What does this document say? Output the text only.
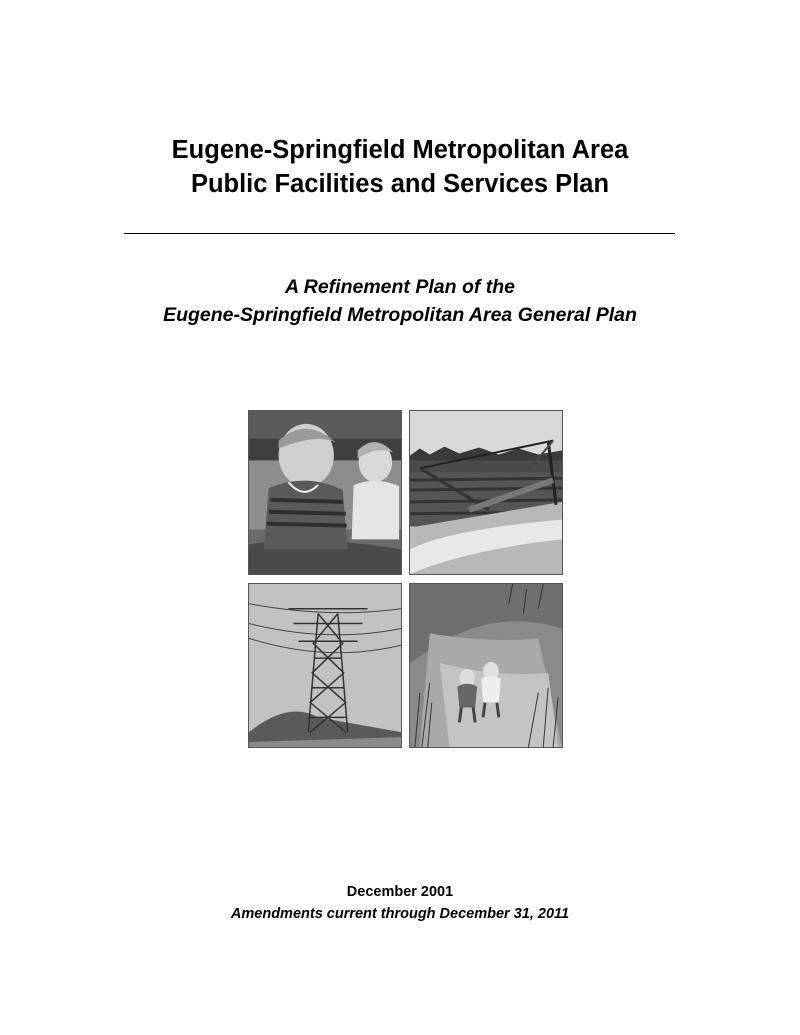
Eugene-Springfield Metropolitan Area
Public Facilities and Services Plan
A Refinement Plan of the
Eugene-Springfield Metropolitan Area General Plan
December 2001
Amendments current through December 31, 2011
